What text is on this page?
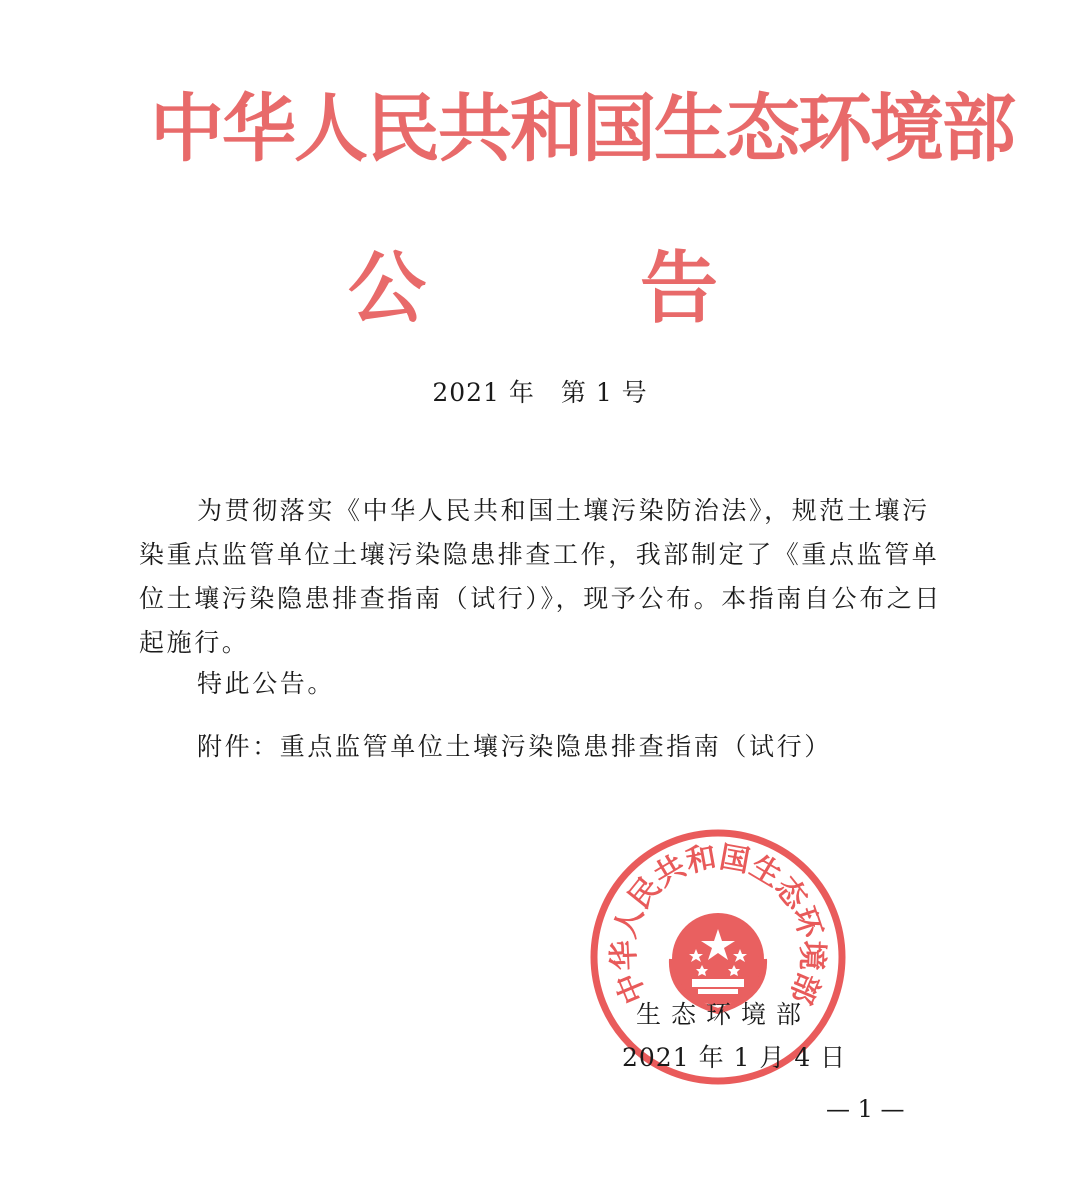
中华人民共和国生态环境部
公	告
2021 年　第 1 号

为贯彻落实《中华人民共和国土壤污染防治法》，规范土壤污染重点监管单位土壤污染隐患排查工作，我部制定了《重点监管单位土壤污染隐患排查指南（试行）》，现予公布。本指南自公布之日起施行。

特此公告。

附件：重点监管单位土壤污染隐患排查指南（试行）

中华人民共和国生态环境部
生态环境部
2021 年 1 月 4 日
— 1 —
